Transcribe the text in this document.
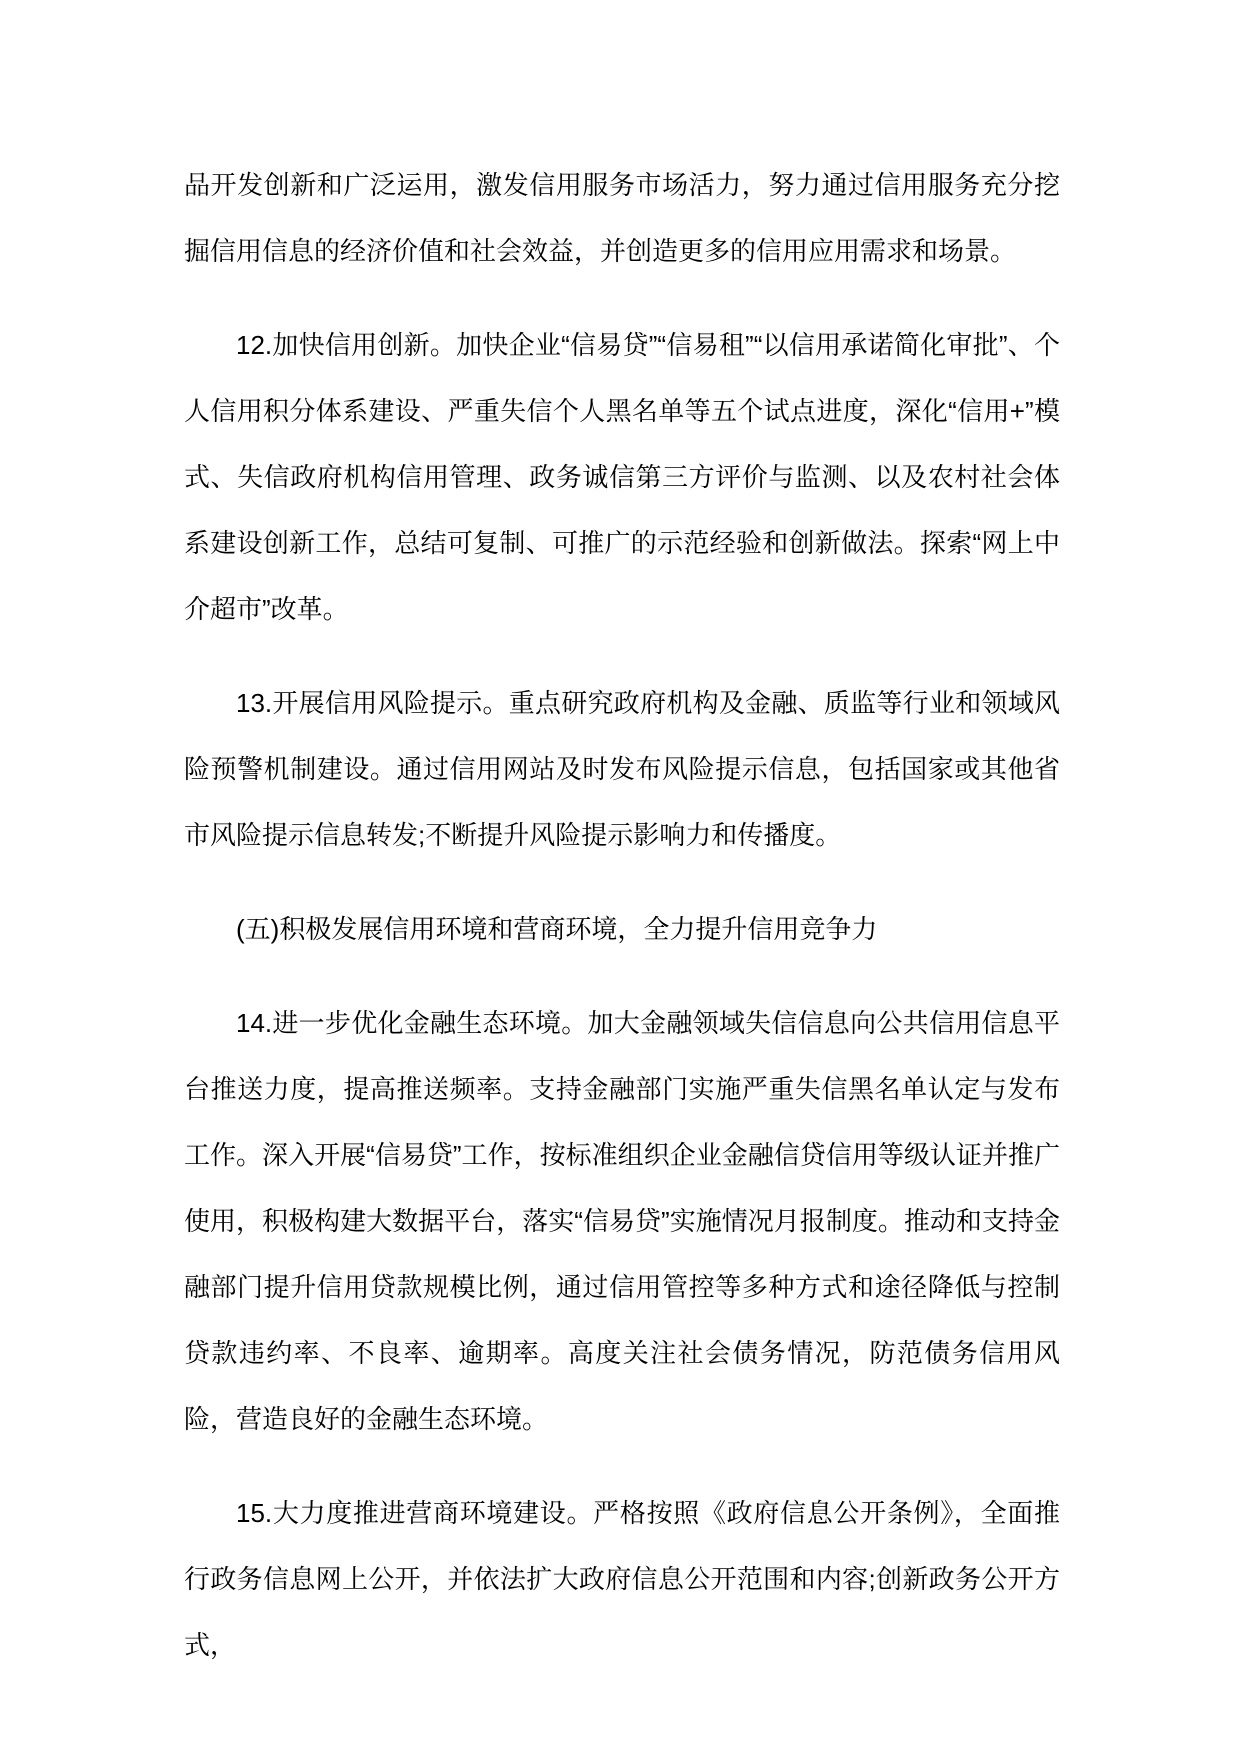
品开发创新和广泛运用，激发信用服务市场活力，努力通过信用服务充分挖掘信用信息的经济价值和社会效益，并创造更多的信用应用需求和场景。

12.加快信用创新。加快企业“信易贷”“信易租”“以信用承诺简化审批”、个人信用积分体系建设、严重失信个人黑名单等五个试点进度，深化“信用+”模式、失信政府机构信用管理、政务诚信第三方评价与监测、以及农村社会体系建设创新工作，总结可复制、可推广的示范经验和创新做法。探索“网上中介超市”改革。

13.开展信用风险提示。重点研究政府机构及金融、质监等行业和领域风险预警机制建设。通过信用网站及时发布风险提示信息，包括国家或其他省市风险提示信息转发;不断提升风险提示影响力和传播度。

(五)积极发展信用环境和营商环境，全力提升信用竞争力

14.进一步优化金融生态环境。加大金融领域失信信息向公共信用信息平台推送力度，提高推送频率。支持金融部门实施严重失信黑名单认定与发布工作。深入开展“信易贷”工作，按标准组织企业金融信贷信用等级认证并推广使用，积极构建大数据平台，落实“信易贷”实施情况月报制度。推动和支持金融部门提升信用贷款规模比例，通过信用管控等多种方式和途径降低与控制贷款违约率、不良率、逾期率。高度关注社会债务情况，防范债务信用风险，营造良好的金融生态环境。

15.大力度推进营商环境建设。严格按照《政府信息公开条例》，全面推行政务信息网上公开，并依法扩大政府信息公开范围和内容;创新政务公开方式，
